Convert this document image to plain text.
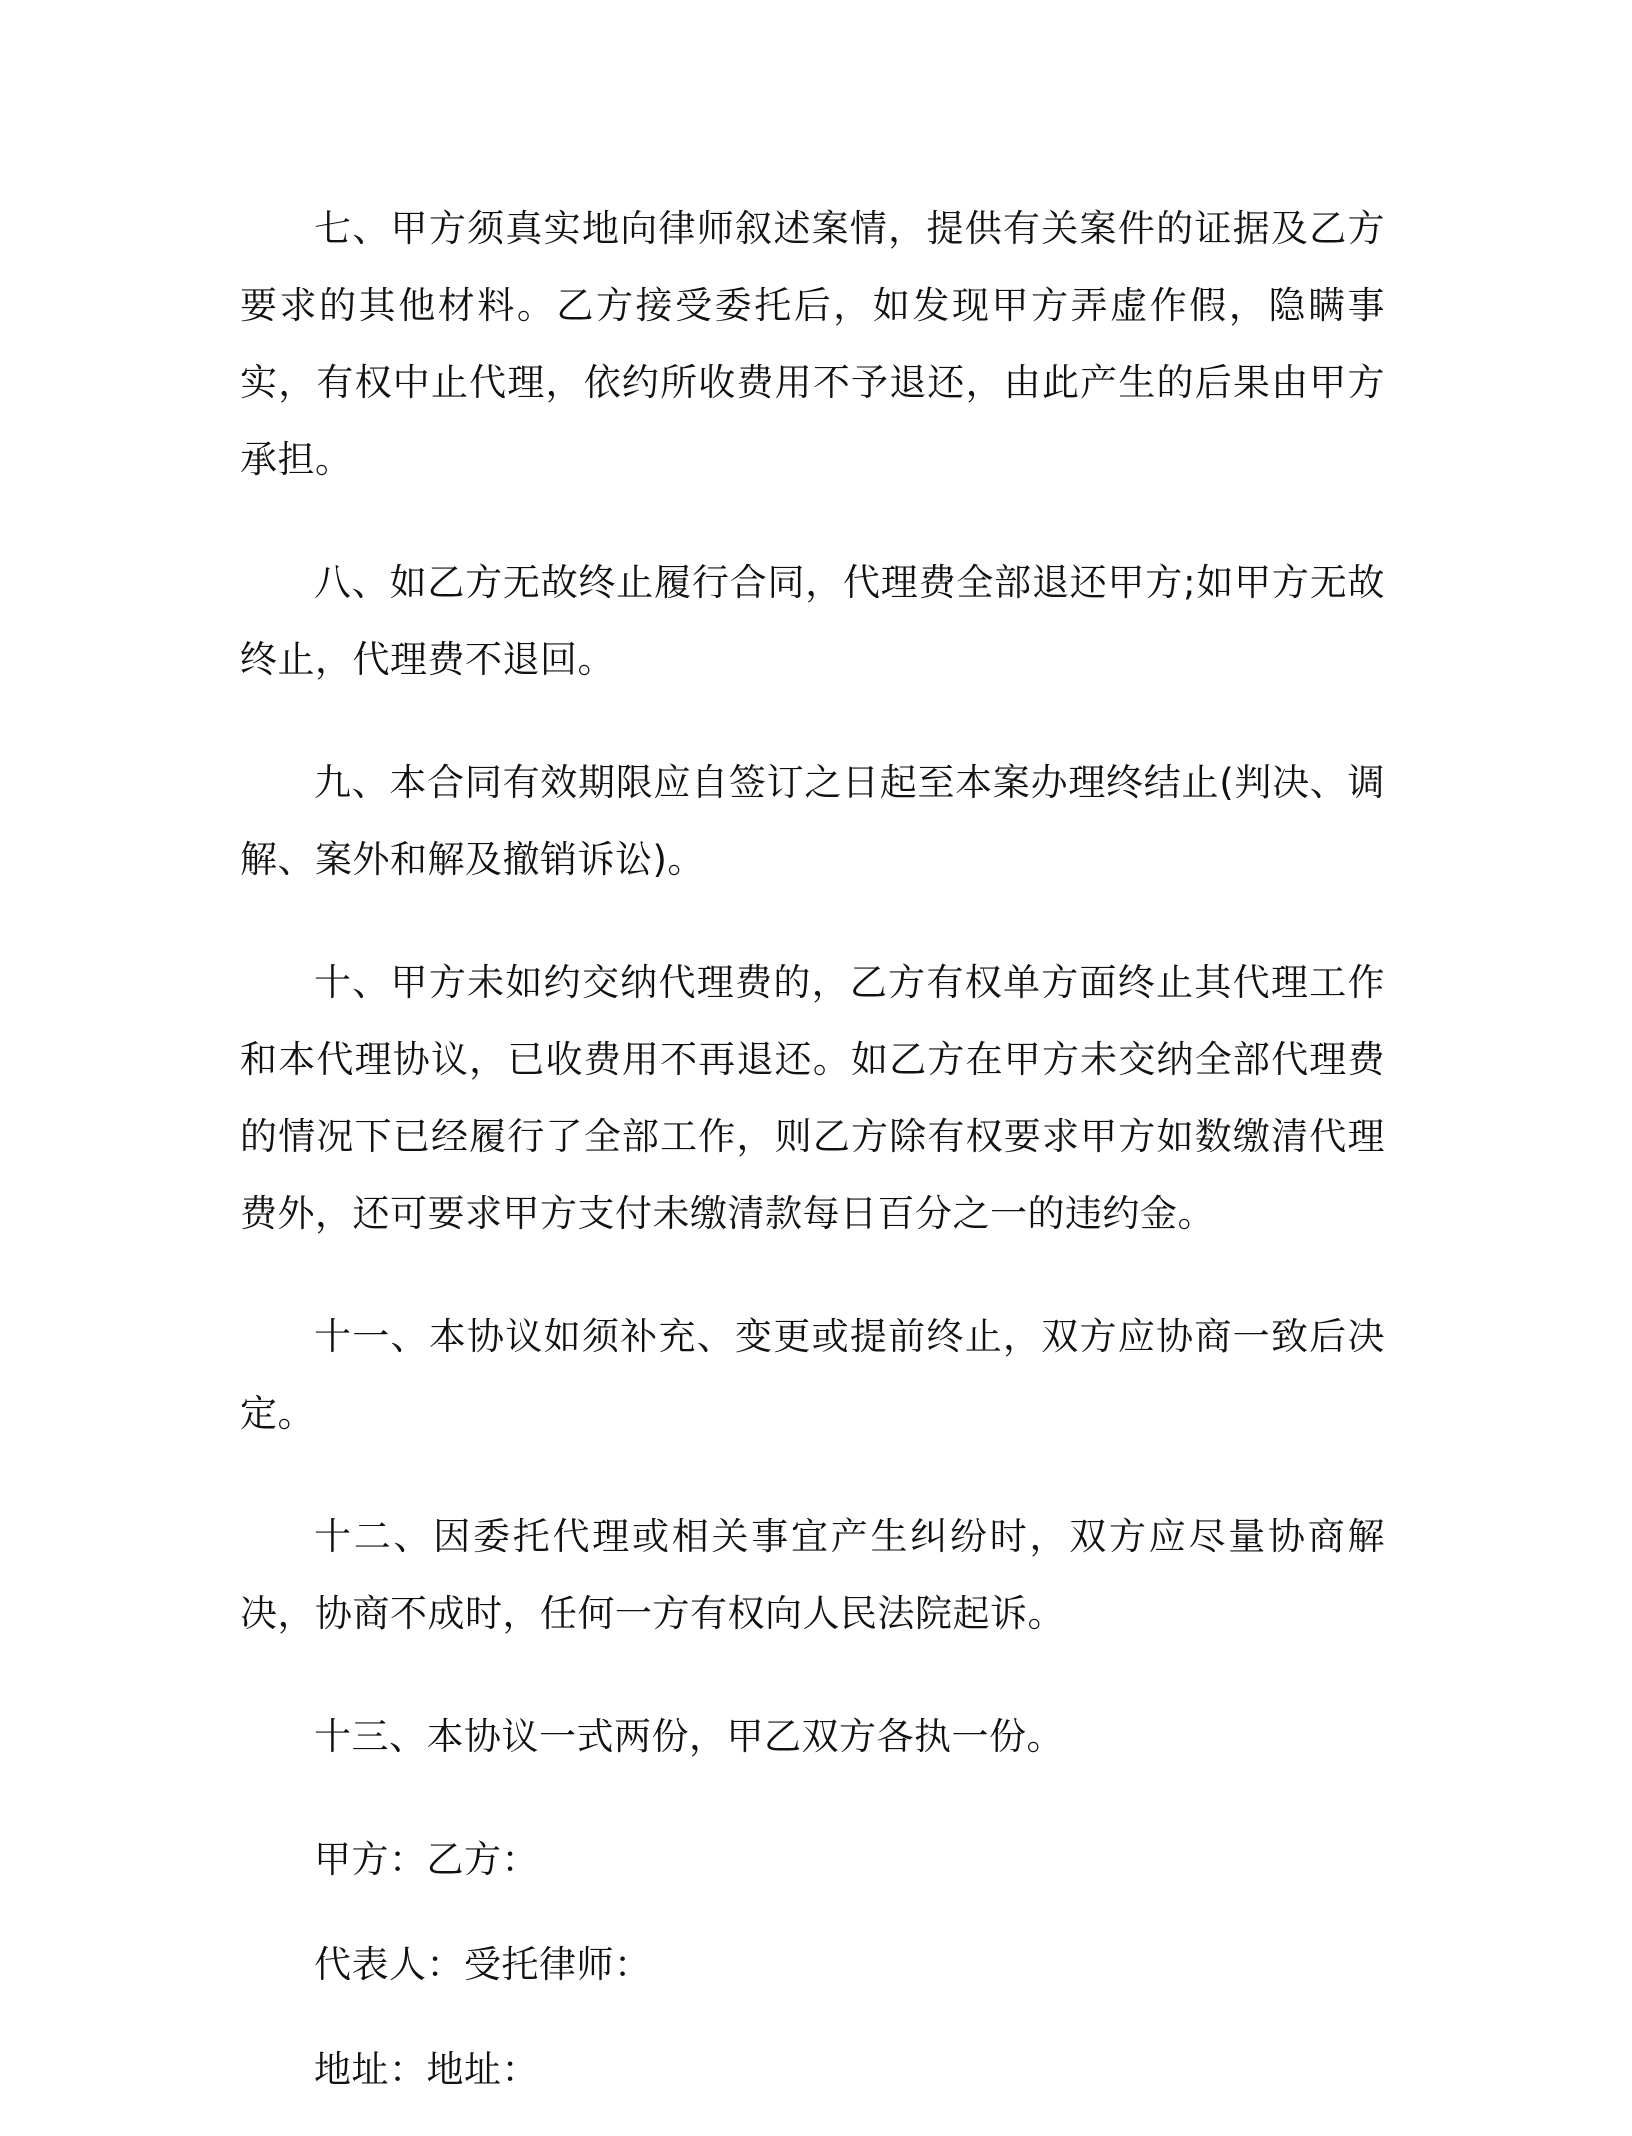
七、甲方须真实地向律师叙述案情，提供有关案件的证据及乙方要求的其他材料。乙方接受委托后，如发现甲方弄虚作假，隐瞒事实，有权中止代理，依约所收费用不予退还，由此产生的后果由甲方承担。

八、如乙方无故终止履行合同，代理费全部退还甲方;如甲方无故终止，代理费不退回。

九、本合同有效期限应自签订之日起至本案办理终结止(判决、调解、案外和解及撤销诉讼)。

十、甲方未如约交纳代理费的，乙方有权单方面终止其代理工作和本代理协议，已收费用不再退还。如乙方在甲方未交纳全部代理费的情况下已经履行了全部工作，则乙方除有权要求甲方如数缴清代理费外，还可要求甲方支付未缴清款每日百分之一的违约金。

十一、本协议如须补充、变更或提前终止，双方应协商一致后决定。

十二、因委托代理或相关事宜产生纠纷时，双方应尽量协商解决，协商不成时，任何一方有权向人民法院起诉。

十三、本协议一式两份，甲乙双方各执一份。

甲方：乙方：

代表人：受托律师：

地址：地址：
